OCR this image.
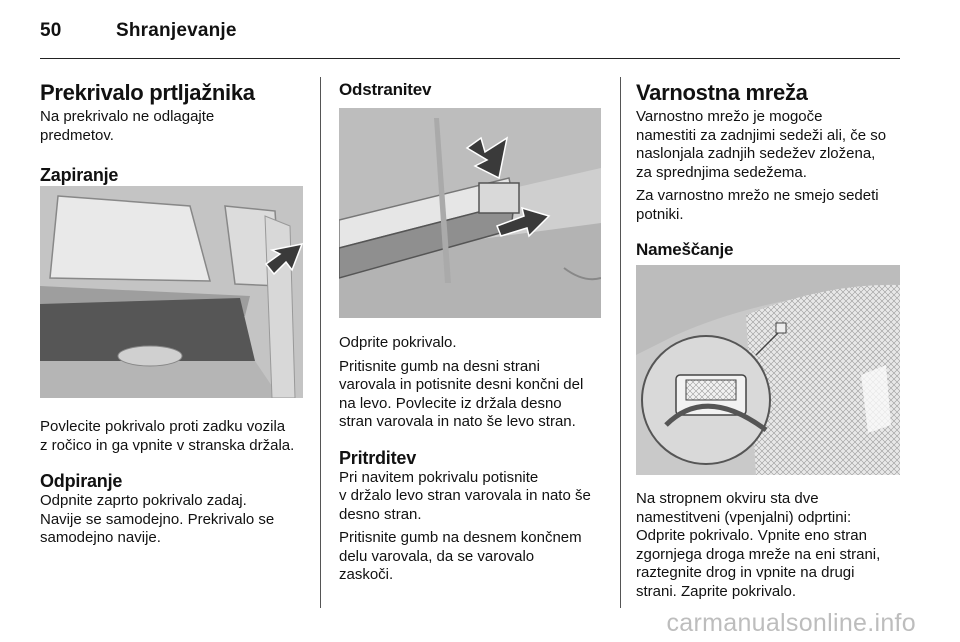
50	Shranjevanje
Prekrivalo prtljažnika

Na prekrivalo ne odlagajte

predmetov.

Zapiranje

Povlecite pokrivalo proti zadku vozila

z ročico in ga vpnite v stranska držala.

Odpiranje

Odpnite zaprto pokrivalo zadaj.

Navije se samodejno. Prekrivalo se

samodejno navije.

Odstranitev

Odprite pokrivalo.

Pritisnite gumb na desni strani

varovala in potisnite desni končni del

na levo. Povlecite iz držala desno

stran varovala in nato še levo stran.

Pritrditev

Pri navitem pokrivalu potisnite

v držalo levo stran varovala in nato še

desno stran.

Pritisnite gumb na desnem končnem

delu varovala, da se varovalo

zaskoči.

Varnostna mreža

Varnostno mrežo je mogoče

namestiti za zadnjimi sedeži ali, če so

naslonjala zadnjih sedežev zložena,

za sprednjima sedežema.

Za varnostno mrežo ne smejo sedeti

potniki.

Nameščanje

Na stropnem okviru sta dve

namestitveni (vpenjalni) odprtini:

Odprite pokrivalo. Vpnite eno stran

zgornjega droga mreže na eni strani,

raztegnite drog in vpnite na drugi

strani. Zaprite pokrivalo.

carmanualsonline.info
